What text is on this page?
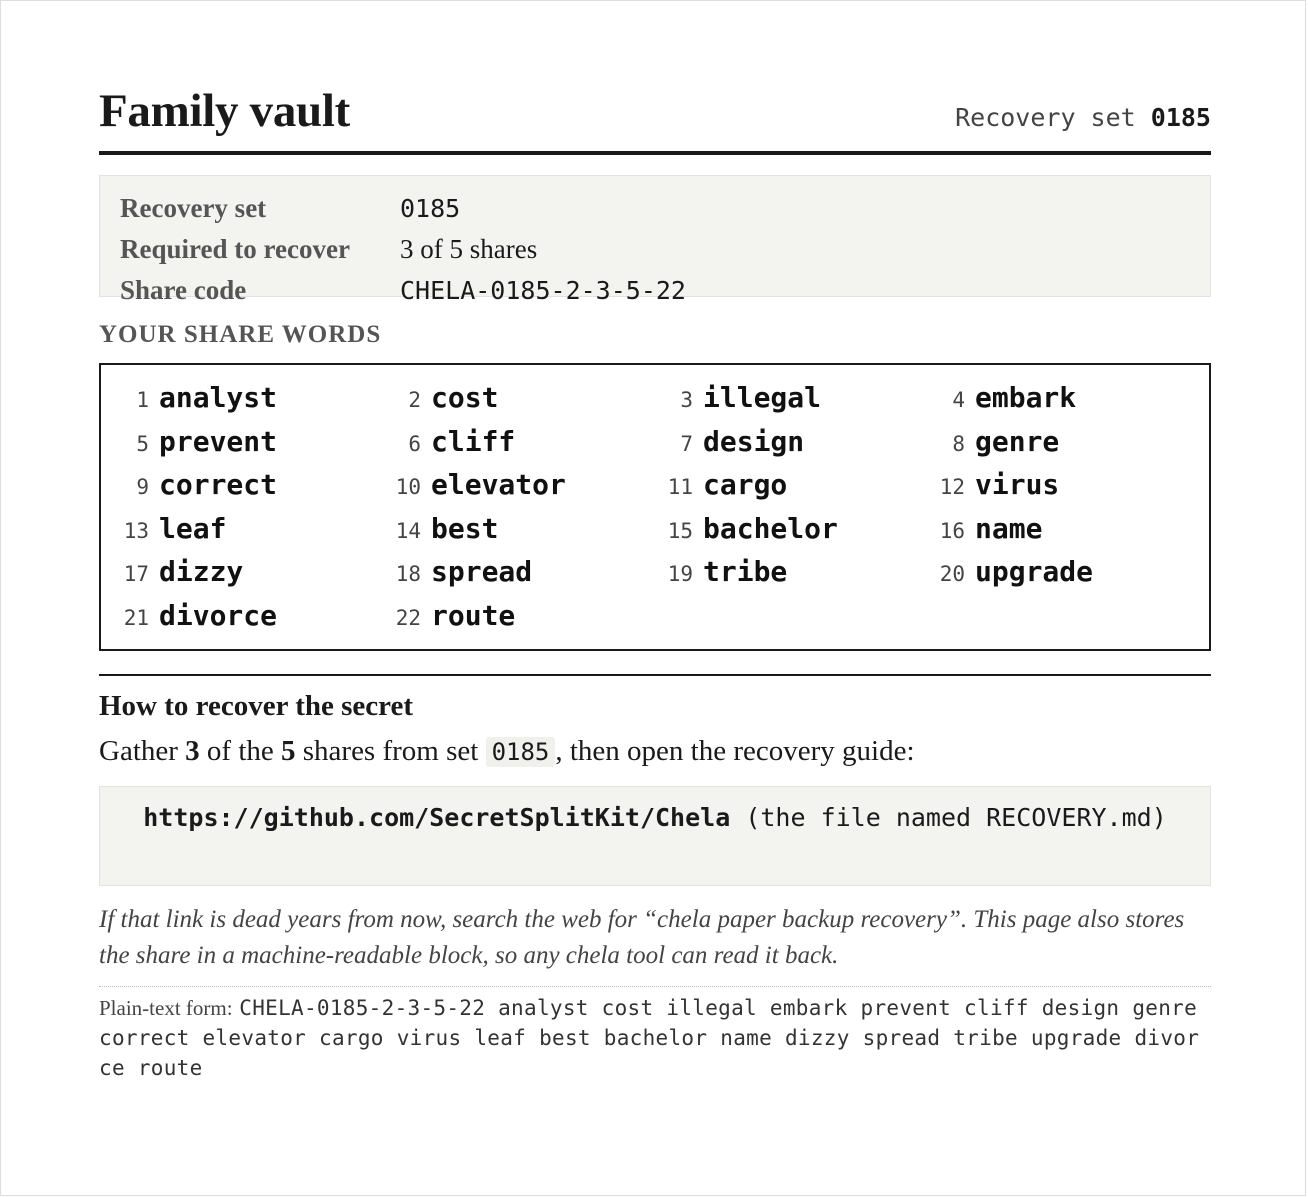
Family vault	Recovery set 0185
Recovery set	0185
Required to recover	3 of 5 shares
Share code	CHELA-0185-2-3-5-22
YOUR SHARE WORDS
1 analyst	2 cost	3 illegal	4 embark
5 prevent	6 cliff	7 design	8 genre
9 correct	10 elevator	11 cargo	12 virus
13 leaf	14 best	15 bachelor	16 name
17 dizzy	18 spread	19 tribe	20 upgrade
21 divorce	22 route
How to recover the secret
Gather 3 of the 5 shares from set 0185 , then open the recovery guide:
https://github.com/SecretSplitKit/Chela (the file named RECOVERY.md)
If that link is dead years from now, search the web for “chela paper backup recovery”. This page also stores the share in a machine-readable block, so any chela tool can read it back.
Plain-text form: CHELA-0185-2-3-5-22 analyst cost illegal embark prevent cliff design genre correct elevator cargo virus leaf best bachelor name dizzy spread tribe upgrade divorce route
